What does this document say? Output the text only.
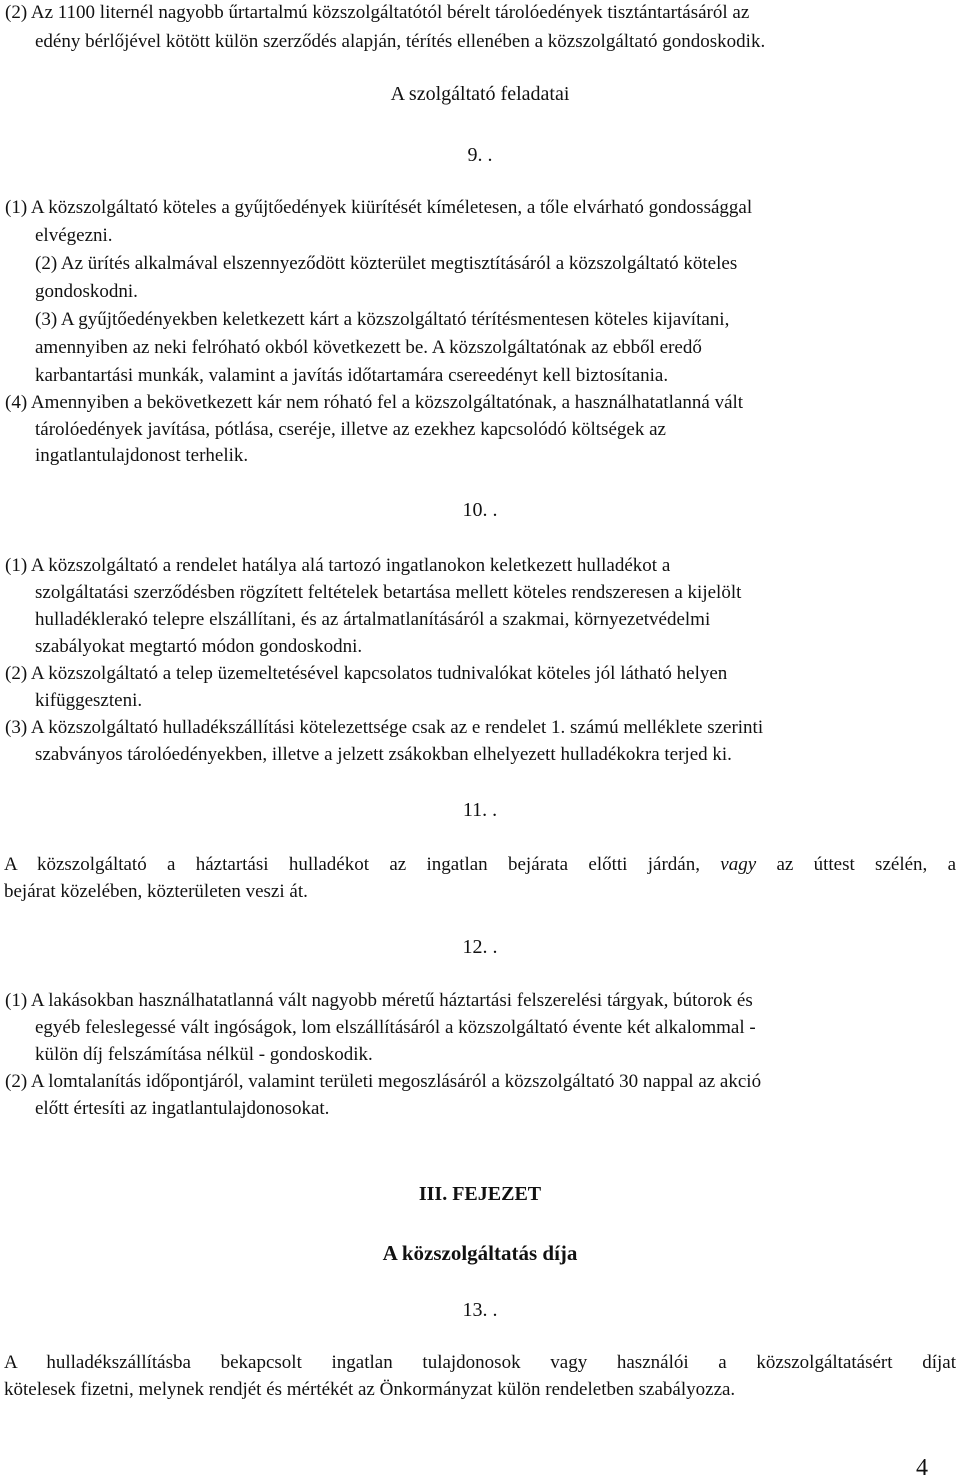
(2) Az 1100 liternél nagyobb űrtartalmú közszolgáltatótól bérelt tárolóedények tisztántartásáról az
edény bérlőjével kötött külön szerződés alapján, térítés ellenében a közszolgáltató gondoskodik.
A szolgáltató feladatai
9. .
(1) A közszolgáltató köteles a gyűjtőedények kiürítését kíméletesen, a tőle elvárható gondossággal
elvégezni.
(2) Az ürítés alkalmával elszennyeződött közterület megtisztításáról a közszolgáltató köteles
gondoskodni.
(3) A gyűjtőedényekben keletkezett kárt a közszolgáltató térítésmentesen köteles kijavítani,
amennyiben az neki felróható okból következett be. A közszolgáltatónak az ebből eredő
karbantartási munkák, valamint a javítás időtartamára csereedényt kell biztosítania.
(4) Amennyiben a bekövetkezett kár nem róható fel a közszolgáltatónak, a használhatatlanná vált
tárolóedények javítása, pótlása, cseréje, illetve az ezekhez kapcsolódó költségek az
ingatlantulajdonost terhelik.
10. .
(1) A közszolgáltató a rendelet hatálya alá tartozó ingatlanokon keletkezett hulladékot a
szolgáltatási szerződésben rögzített feltételek betartása mellett köteles rendszeresen a kijelölt
hulladéklerakó telepre elszállítani, és az ártalmatlanításáról a szakmai, környezetvédelmi
szabályokat megtartó módon gondoskodni.
(2) A közszolgáltató a telep üzemeltetésével kapcsolatos tudnivalókat köteles jól látható helyen
kifüggeszteni.
(3) A közszolgáltató hulladékszállítási kötelezettsége csak az e rendelet 1. számú melléklete szerinti
szabványos tárolóedényekben, illetve a jelzett zsákokban elhelyezett hulladékokra terjed ki.
11. .
A közszolgáltató a háztartási hulladékot az ingatlan bejárata előtti járdán, vagy az úttest szélén, a
bejárat közelében, közterületen veszi át.
12. .
(1) A lakásokban használhatatlanná vált nagyobb méretű háztartási felszerelési tárgyak, bútorok és
egyéb feleslegessé vált ingóságok, lom elszállításáról a közszolgáltató évente két alkalommal -
külön díj felszámítása nélkül - gondoskodik.
(2) A lomtalanítás időpontjáról, valamint területi megoszlásáról a közszolgáltató 30 nappal az akció
előtt értesíti az ingatlantulajdonosokat.
III. FEJEZET
A közszolgáltatás díja
13. .
A hulladékszállításba bekapcsolt ingatlan tulajdonosok vagy használói a közszolgáltatásért díjat
kötelesek fizetni, melynek rendjét és mértékét az Önkormányzat külön rendeletben szabályozza.
4
